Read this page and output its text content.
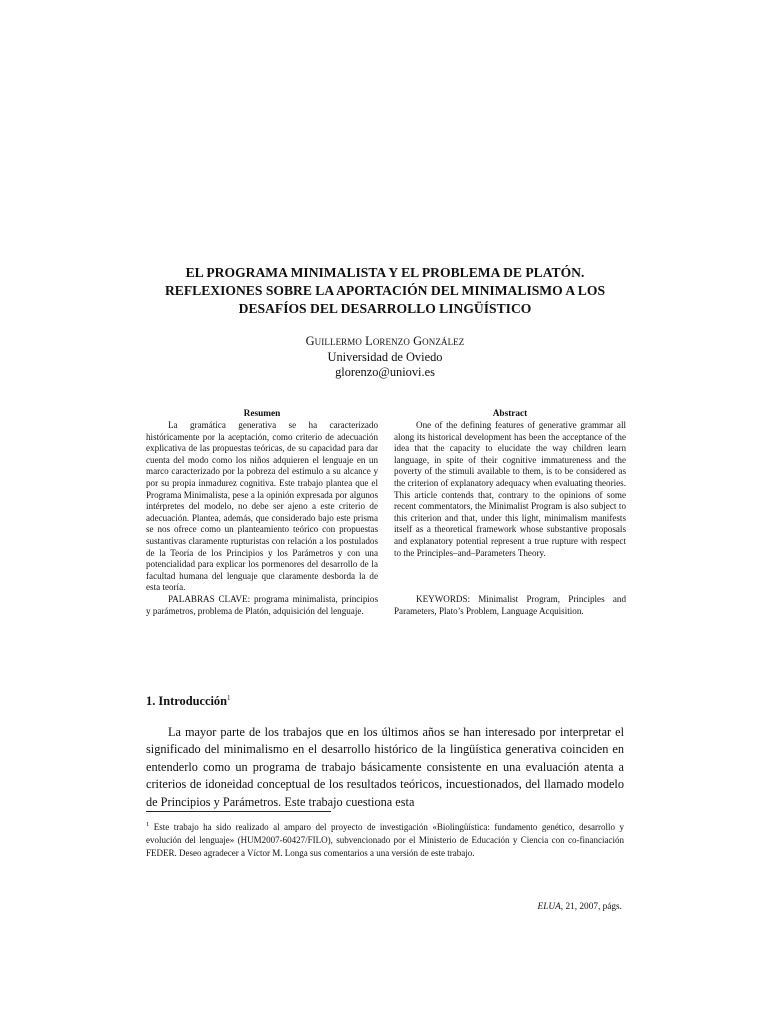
EL PROGRAMA MINIMALISTA Y EL PROBLEMA DE PLATÓN.
REFLEXIONES SOBRE LA APORTACIÓN DEL MINIMALISMO A LOS
DESAFÍOS DEL DESARROLLO LINGÜÍSTICO
Guillermo Lorenzo González
Universidad de Oviedo
glorenzo@uniovi.es
Resumen

La gramática generativa se ha caracterizado históricamente por la aceptación, como criterio de adecuación explicativa de las propuestas teóricas, de su capacidad para dar cuenta del modo como los niños adquieren el lenguaje en un marco caracterizado por la pobreza del estímulo a su alcance y por su propia inmadurez cognitiva. Este trabajo plantea que el Programa Minimalista, pese a la opinión expresada por algunos intérpretes del modelo, no debe ser ajeno a este criterio de adecuación. Plantea, además, que considerado bajo este prisma se nos ofrece como un planteamiento teórico con propuestas sustantivas claramente rupturistas con relación a los postulados de la Teoría de los Principios y los Parámetros y con una potencialidad para explicar los pormenores del desarrollo de la facultad humana del lenguaje que claramente desborda la de esta teoría.

PALABRAS CLAVE: programa minimalista, principios y parámetros, problema de Platón, adquisición del lenguaje.

Abstract

One of the defining features of generative grammar all along its historical development has been the acceptance of the idea that the capacity to elucidate the way children learn language, in spite of their cognitive immatureness and the poverty of the stimuli available to them, is to be considered as the criterion of explanatory adequacy when evaluating theories. This article contends that, contrary to the opinions of some recent commentators, the Minimalist Program is also subject to this criterion and that, under this light, minimalism manifests itself as a theoretical framework whose substantive proposals and explanatory potential represent a true rupture with respect to the Principles–and–Parameters Theory.

KEYWORDS: Minimalist Program, Principles and Parameters, Plato’s Problem, Language Acquisition.

1. Introducción$^1$

La mayor parte de los trabajos que en los últimos años se han interesado por interpretar el significado del minimalismo en el desarrollo histórico de la lingüística generativa coinciden en entenderlo como un programa de trabajo básicamente consistente en una evaluación atenta a criterios de idoneidad conceptual de los resultados teóricos, incuestionados, del llamado modelo de Principios y Parámetros. Este trabajo cuestiona esta

$^1$ Este trabajo ha sido realizado al amparo del proyecto de investigación «Biolingüística: fundamento genético, desarrollo y evolución del lenguaje» (HUM2007-60427/FILO), subvencionado por el Ministerio de Educación y Ciencia con co-financiación FEDER. Deseo agradecer a Víctor M. Longa sus comentarios a una versión de este trabajo.

ELUA, 21, 2007, págs.
